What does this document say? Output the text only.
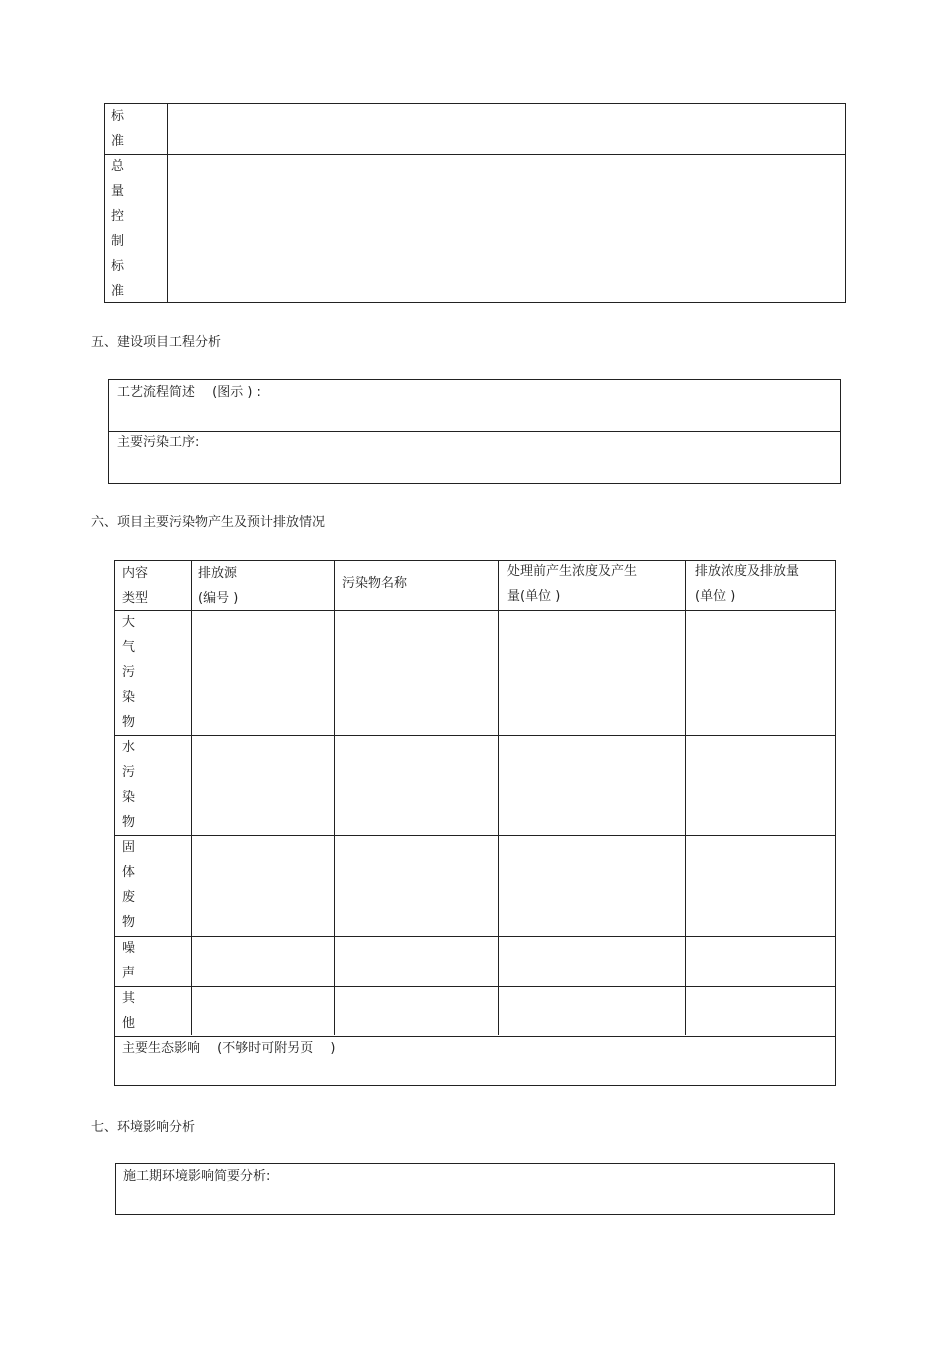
标
准
总
量
控
制
标
准
五、建设项目工程分析
工艺流程简述 　(图示 ) :
主要污染工序:
六、项目主要污染物产生及预计排放情况
内容
类型
排放源
(编号 )
污染物名称
处理前产生浓度及产生
量(单位 )
排放浓度及排放量
(单位 )
大
气
污
染
物
水
污
染
物
固
体
废
物
噪
声
其
他
主要生态影响 　(不够时可附另页 　)
七、环境影响分析
施工期环境影响简要分析:
